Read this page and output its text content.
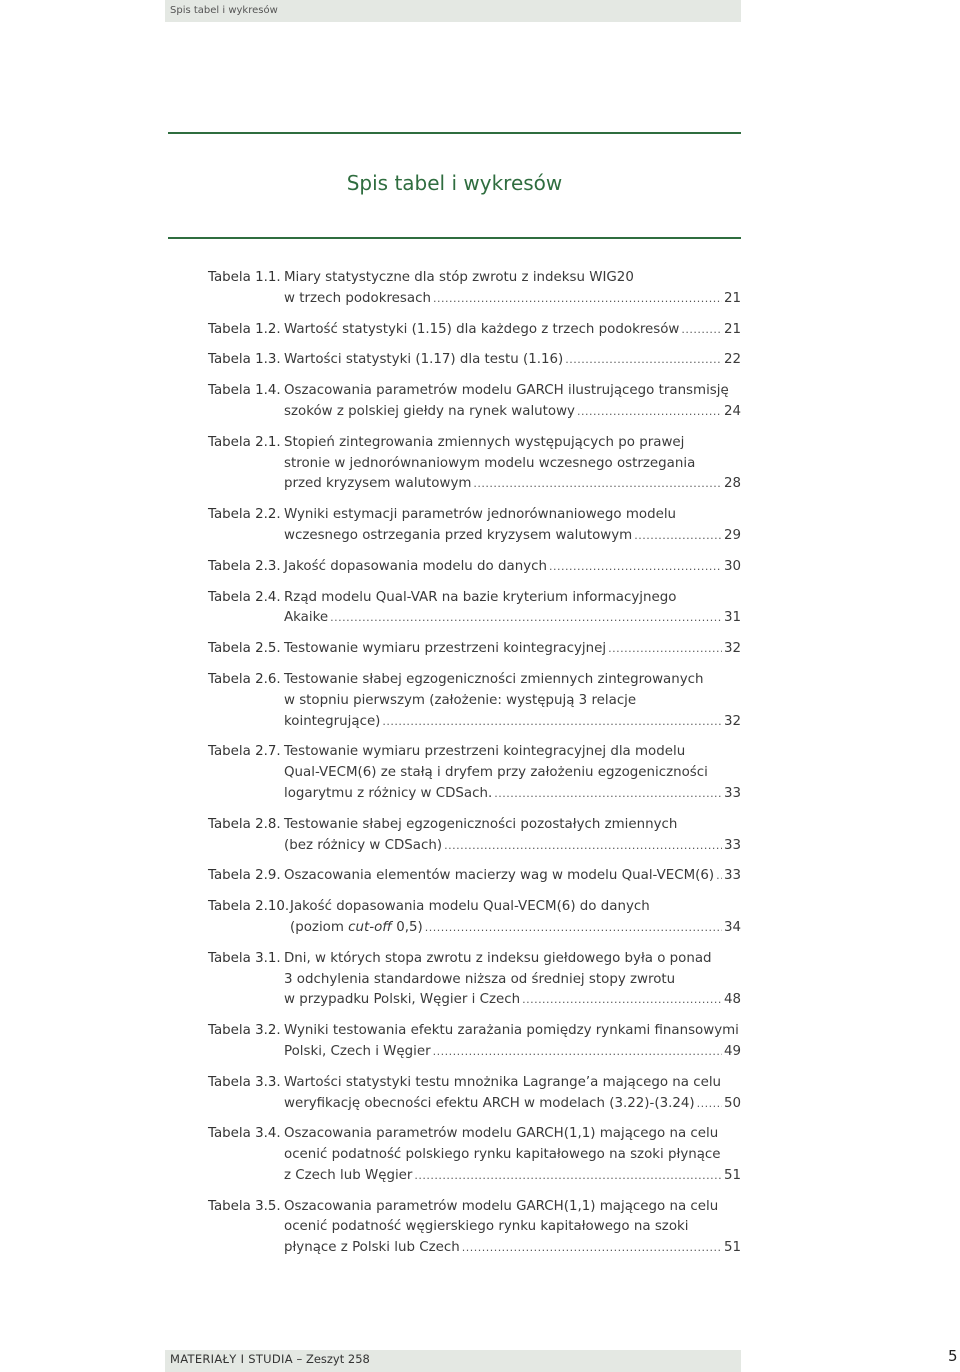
Spis tabel i wykresów
Spis tabel i wykresów
Tabela 1.1. Miary statystyczne dla stóp zwrotu z indeksu WIG20
w trzech podokresach .....	21
Tabela 1.2. Wartość statystyki (1.15) dla każdego z trzech podokresów .....	21
Tabela 1.3. Wartości statystyki (1.17) dla testu (1.16) .....	22
Tabela 1.4. Oszacowania parametrów modelu GARCH ilustrującego transmisję
szoków z polskiej giełdy na rynek walutowy .....	24
Tabela 2.1. Stopień zintegrowania zmiennych występujących po prawej
stronie w jednorównaniowym modelu wczesnego ostrzegania
przed kryzysem walutowym .....	28
Tabela 2.2. Wyniki estymacji parametrów jednorównaniowego modelu
wczesnego ostrzegania przed kryzysem walutowym .....	29
Tabela 2.3. Jakość dopasowania modelu do danych .....	30
Tabela 2.4. Rząd modelu Qual-VAR na bazie kryterium informacyjnego
Akaike .....	31
Tabela 2.5. Testowanie wymiaru przestrzeni kointegracyjnej .....	32
Tabela 2.6. Testowanie słabej egzogeniczności zmiennych zintegrowanych
w stopniu pierwszym (założenie: występują 3 relacje
kointegrujące) .....	32
Tabela 2.7. Testowanie wymiaru przestrzeni kointegracyjnej dla modelu
Qual-VECM(6) ze stałą i dryfem przy założeniu egzogeniczności
logarytmu z różnicy w CDSach. .....	33
Tabela 2.8. Testowanie słabej egzogeniczności pozostałych zmiennych
(bez różnicy w CDSach) .....	33
Tabela 2.9. Oszacowania elementów macierzy wag w modelu Qual-VECM(6) ..... 33
Tabela 2.10. Jakość dopasowania modelu Qual-VECM(6) do danych
(poziom cut-off 0,5) .....	34
Tabela 3.1. Dni, w których stopa zwrotu z indeksu giełdowego była o ponad
3 odchylenia standardowe niższa od średniej stopy zwrotu
w przypadku Polski, Węgier i Czech .....	48
Tabela 3.2. Wyniki testowania efektu zarażania pomiędzy rynkami finansowymi
Polski, Czech i Węgier .....	49
Tabela 3.3. Wartości statystyki testu mnożnika Lagrange’a mającego na celu
weryfikację obecności efektu ARCH w modelach (3.22)-(3.24) ..... 50
Tabela 3.4. Oszacowania parametrów modelu GARCH(1,1) mającego na celu
ocenić podatność polskiego rynku kapitałowego na szoki płynące
z Czech lub Węgier .....	51
Tabela 3.5. Oszacowania parametrów modelu GARCH(1,1) mającego na celu
ocenić podatność węgierskiego rynku kapitałowego na szoki
płynące z Polski lub Czech .....	51
MATERIAŁY I STUDIA – Zeszyt 258	5
